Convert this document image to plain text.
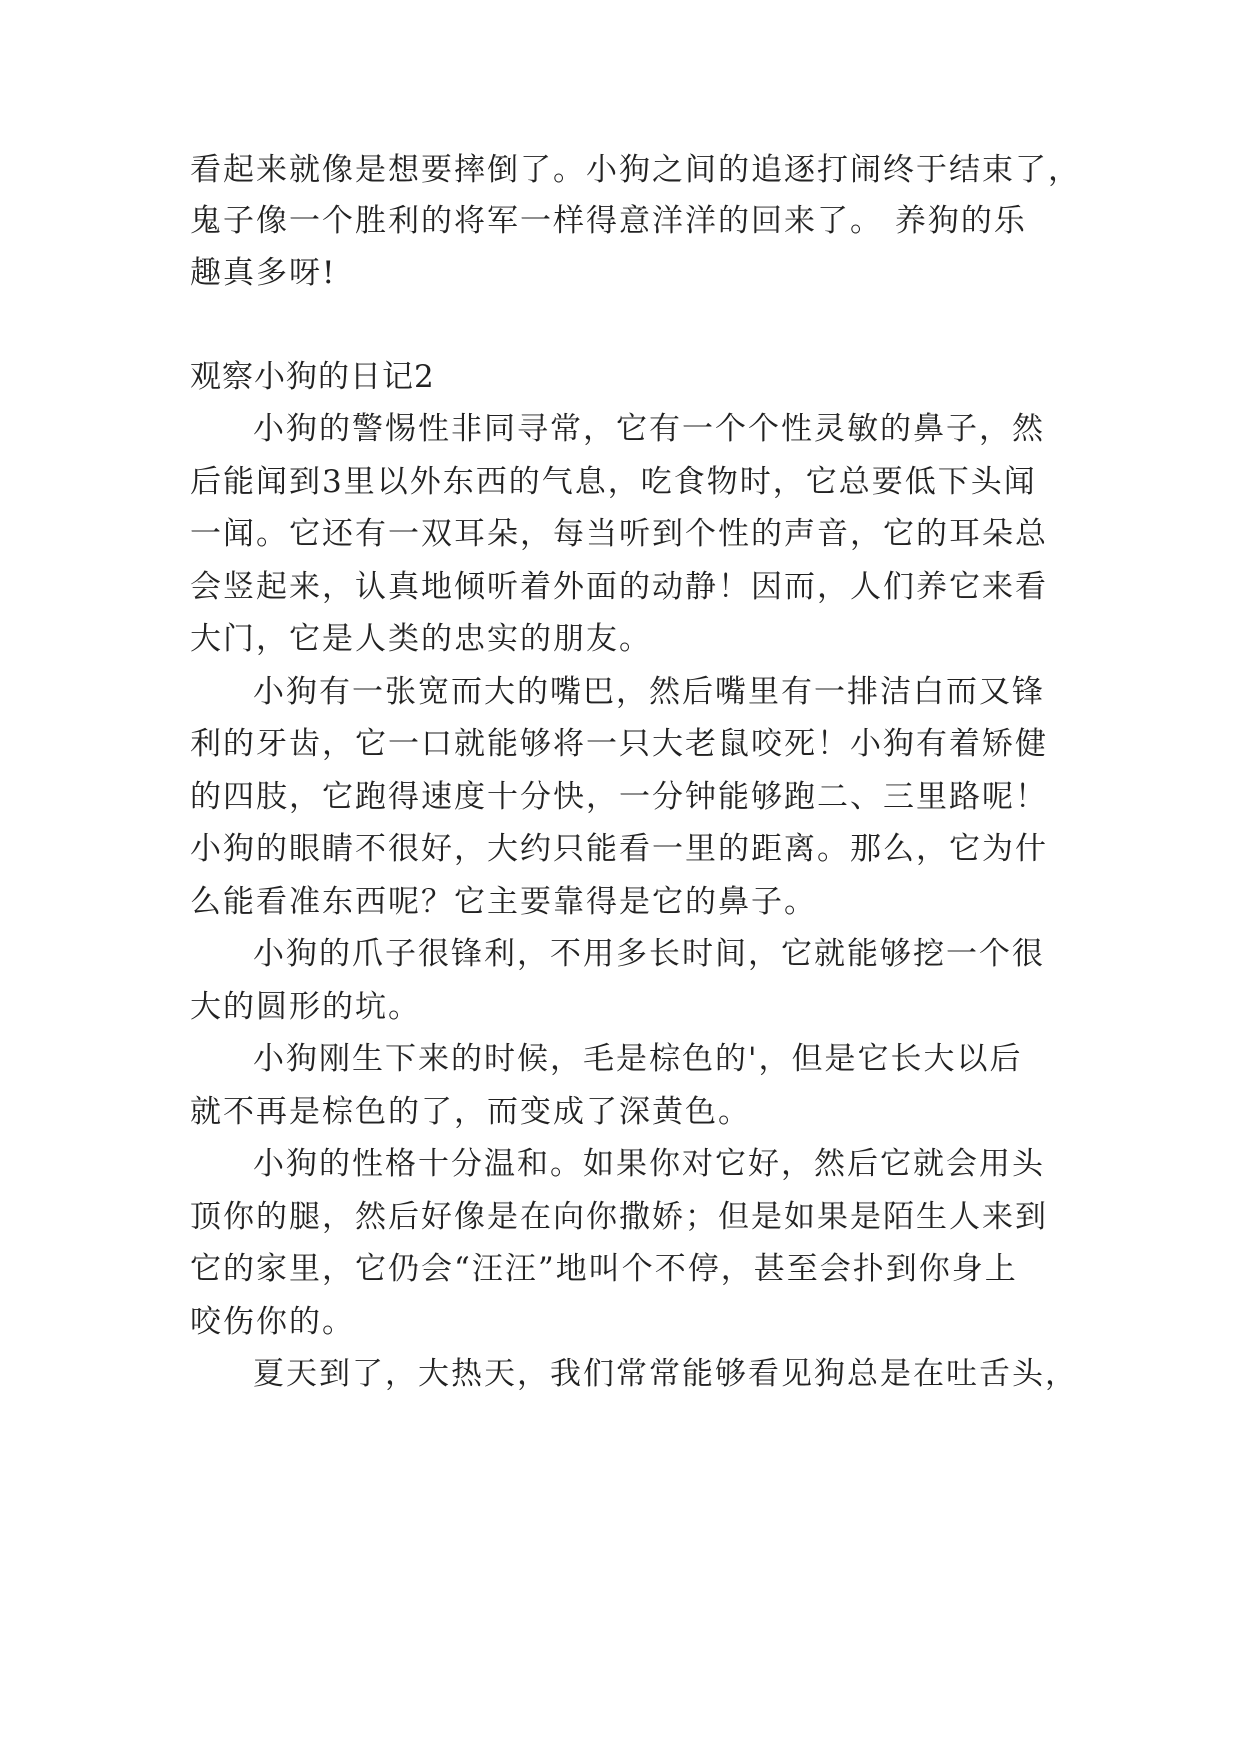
看起来就像是想要摔倒了。小狗之间的追逐打闹终于结束了，

鬼子像一个胜利的将军一样得意洋洋的回来了。 养狗的乐

趣真多呀!

观察小狗的日记2

小狗的警惕性非同寻常，它有一个个性灵敏的鼻子，然

后能闻到3里以外东西的气息，吃食物时，它总要低下头闻

一闻。它还有一双耳朵，每当听到个性的声音，它的耳朵总

会竖起来，认真地倾听着外面的动静！因而，人们养它来看

大门，它是人类的忠实的朋友。

小狗有一张宽而大的嘴巴，然后嘴里有一排洁白而又锋

利的牙齿，它一口就能够将一只大老鼠咬死！小狗有着矫健

的四肢，它跑得速度十分快，一分钟能够跑二、三里路呢！

小狗的眼睛不很好，大约只能看一里的距离。那么，它为什

么能看准东西呢？它主要靠得是它的鼻子。

小狗的爪子很锋利，不用多长时间，它就能够挖一个很

大的圆形的坑。

小狗刚生下来的时候，毛是棕色的'，但是它长大以后

就不再是棕色的了，而变成了深黄色。

小狗的性格十分温和。如果你对它好，然后它就会用头

顶你的腿，然后好像是在向你撒娇；但是如果是陌生人来到

它的家里，它仍会“汪汪”地叫个不停，甚至会扑到你身上

咬伤你的。

夏天到了，大热天，我们常常能够看见狗总是在吐舌头，
